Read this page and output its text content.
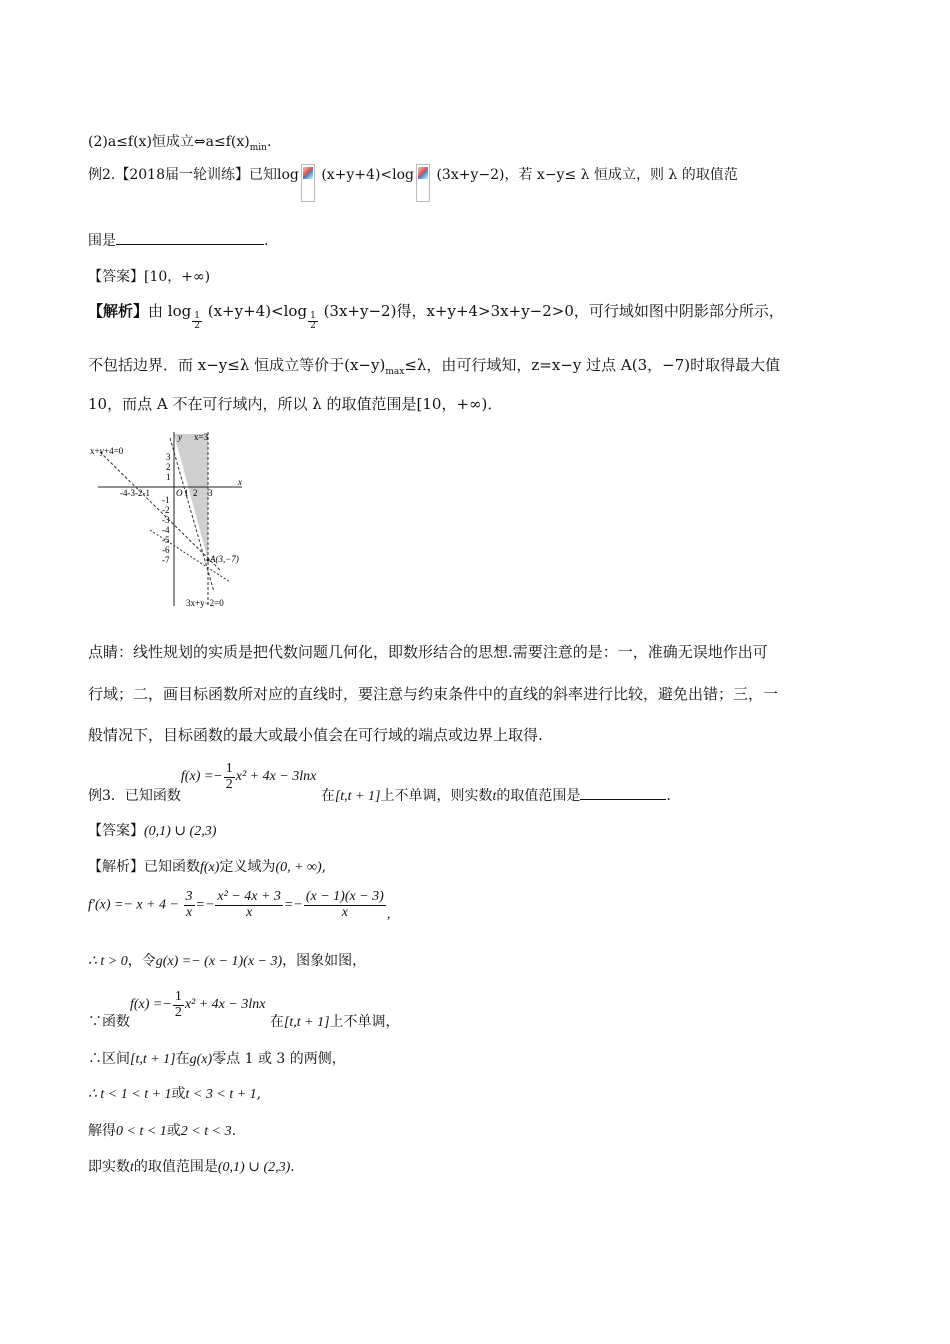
(2)a≤f(x)恒成立$\Leftrightarrow a\le f(x)_{min}$.
例2.【2018届一轮训练】已知log (x+y+4)<log (3x+y−2)，若 x−y≤ λ 恒成立，则 λ 的取值范
围是	.
【答案】[10，+∞)
【解析】由 log
$\frac{1}{2}$
(x+y+4)<log
$\frac{1}{2}$
(3x+y−2)得，x+y+4>3x+y−2>0，可行域如图中阴影部分所示，
不包括边界．而 x−y≤λ 恒成立等价于$(x-y)_{max}\le\lambda$，由可行域知，z=x−y 过点 A(3，−7)时取得最大值
10，而点 A 不在可行域内，所以 λ 的取值范围是[10，+∞)．
y
x
x=3
x+y+4=0
3x+y−2=0
A(3,−7)
O 1 2 3
-4-3-2-1
3
2
1
-1
-2
-3
-4
-5
-6
-7
点睛：线性规划的实质是把代数问题几何化，即数形结合的思想.需要注意的是：一，准确无误地作出可
行域；二，画目标函数所对应的直线时，要注意与约束条件中的直线的斜率进行比较，避免出错；三，一
般情况下，目标函数的最大或最小值会在可行域的端点或边界上取得.
例3．已知函数$f(x) =- \frac{1}{2} x^2 + 4x - 3\ln x$ 在[t,t + 1]上不单调，则实数t的取值范围是	.
【答案】(0,1) ∪ (2,3)
【解析】已知函数f(x)定义域为(0, + ∞),
$f'(x) =- x + 4 - \frac{3}{x} =- \frac{\text{x² − 4x + 3}}{x} =- \frac{(x - 1)(x - 3)}{x}$ ,
∴ t > 0，令g(x) =− (x − 1)(x − 3)，图象如图，
∵函数$f(x) =- \frac{1}{2} x^2 + 4x - 3\ln x$ 在[t,t + 1]上不单调，
∴区间[t,t + 1]在g(x)零点 1 或 3 的两侧，
∴ t < 1 < t + 1或t < 3 < t + 1,
解得0 < t < 1或2 < t < 3.
即实数t的取值范围是(0,1) ∪ (2,3).
